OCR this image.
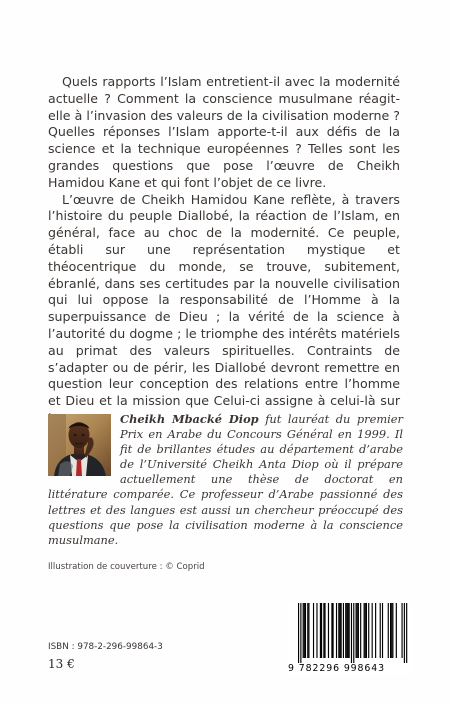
Quels rapports l’Islam entretient-il avec la modernité actuelle ? Comment la conscience musulmane réagit-elle à l’invasion des valeurs de la civilisation moderne ? Quelles réponses l’Islam apporte-t-il aux défis de la science et la technique européennes ? Telles sont les grandes questions que pose l’œuvre de Cheikh Hamidou Kane et qui font l’objet de ce livre.

L’œuvre de Cheikh Hamidou Kane reflète, à travers l’histoire du peuple Diallobé, la réaction de l’Islam, en général, face au choc de la modernité. Ce peuple, établi sur une représentation mystique et théocentrique du monde, se trouve, subitement, ébranlé, dans ses certitudes par la nouvelle civilisation qui lui oppose la responsabilité de l’Homme à la superpuissance de Dieu ; la vérité de la science à l’autorité du dogme ; le triomphe des intérêts matériels au primat des valeurs spirituelles. Contraints de s’adapter ou de périr, les Diallobé devront remettre en question leur conception des relations entre l’homme et Dieu et la mission que Celui-ci assigne à celui-là sur

Cheikh Mbacké Diop fut lauréat du premier Prix en Arabe du Concours Général en 1999. Il fit de brillantes études au département d’arabe de l’Université Cheikh Anta Diop où il prépare actuellement une thèse de doctorat en littérature comparée. Ce professeur d’Arabe passionné des lettres et des langues est aussi un chercheur préoccupé des questions que pose la civilisation moderne à la conscience musulmane.
Illustration de couverture : © Coprid
ISBN : 978-2-296-99864-3
13 €	9 782296 998643
